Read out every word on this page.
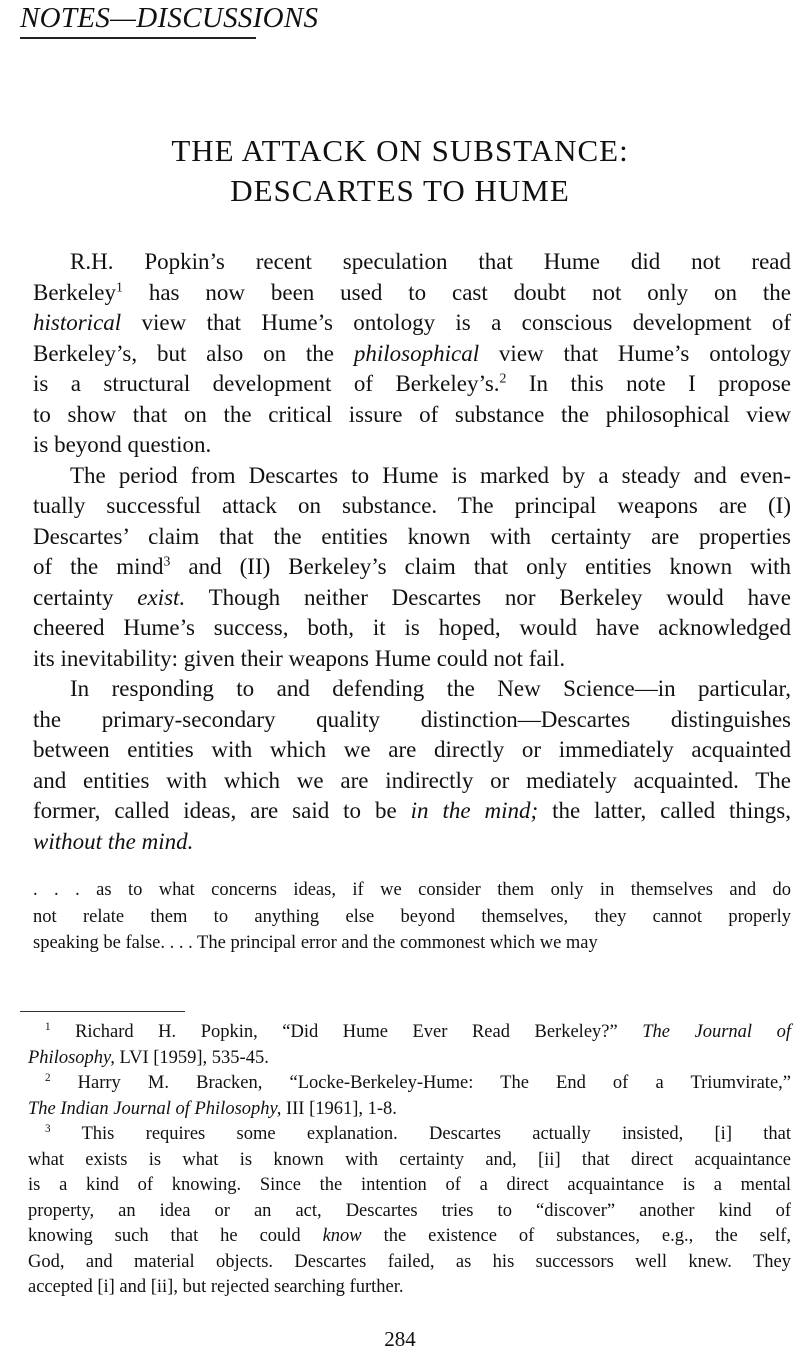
NOTES—DISCUSSIONS
THE ATTACK ON SUBSTANCE:
DESCARTES TO HUME
R.H. Popkin’s recent speculation that Hume did not read
Berkeley$^1$ has now been used to cast doubt not only on the
historical view that Hume’s ontology is a conscious development of
Berkeley’s, but also on the philosophical view that Hume’s ontology
is a structural development of Berkeley’s.$^2$ In this note I propose
to show that on the critical issure of substance the philosophical view
is beyond question.
The period from Descartes to Hume is marked by a steady and even-
tually successful attack on substance. The principal weapons are (I)
Descartes’ claim that the entities known with certainty are properties
of the mind$^3$ and (II) Berkeley’s claim that only entities known with
certainty exist. Though neither Descartes nor Berkeley would have
cheered Hume’s success, both, it is hoped, would have acknowledged
its inevitability: given their weapons Hume could not fail.
In responding to and defending the New Science—in particular,
the primary-secondary quality distinction—Descartes distinguishes
between entities with which we are directly or immediately acquainted
and entities with which we are indirectly or mediately acquainted. The
former, called ideas, are said to be in the mind; the latter, called things,
without the mind.
. . . as to what concerns ideas, if we consider them only in themselves and do
not relate them to anything else beyond themselves, they cannot properly
speaking be false. . . . The principal error and the commonest which we may
$^1$ Richard H. Popkin, “Did Hume Ever Read Berkeley?” The Journal of
Philosophy, LVI [1959], 535-45.
$^2$ Harry M. Bracken, “Locke-Berkeley-Hume: The End of a Triumvirate,”
The Indian Journal of Philosophy, III [1961], 1-8.
$^3$ This requires some explanation. Descartes actually insisted, [i] that
what exists is what is known with certainty and, [ii] that direct acquaintance
is a kind of knowing. Since the intention of a direct acquaintance is a mental
property, an idea or an act, Descartes tries to “discover” another kind of
knowing such that he could know the existence of substances, e.g., the self,
God, and material objects. Descartes failed, as his successors well knew. They
accepted [i] and [ii], but rejected searching further.
284
